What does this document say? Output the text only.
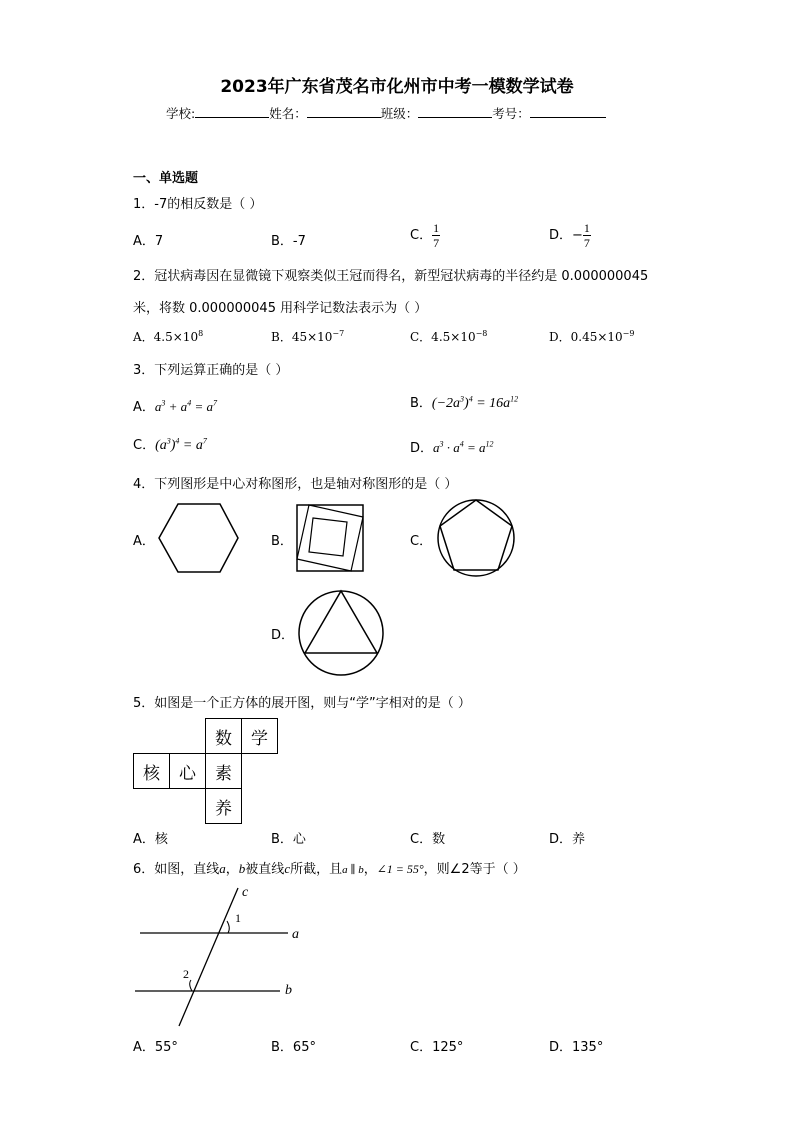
2023年广东省茂名市化州市中考一模数学试卷
学校:	姓名：	班级：	考号：
一、单选题
1．-7的相反数是（ ）
A．7	B．-7	C． $\frac{1}{7}$	D．− $\frac{1}{7}$
2．冠状病毒因在显微镜下观察类似王冠而得名，新型冠状病毒的半径约是 0.000000045
米，将数 0.000000045 用科学记数法表示为（ ）
A．$4.5\times 10^8$	B．$45\times 10^{-7}$	C．$4.5\times 10^{-8}$	D．$0.45\times 10^{-9}$
3．下列运算正确的是（ ）
A．$a^3 + a^4 = a^7$	B．$(-2a^3)^4 = 16a^{12}$
C．$(a^3)^4 = a^7$
D．$a^3 \cdot a^4 = a^{12}$
4．下列图形是中心对称图形，也是轴对称图形的是（ ）
A．	B．	C．
D．
5．如图是一个正方体的展开图，则与“学”字相对的是（ ）
		数	学
核	心	素	
		养	
A．核	B．心	C．数	D．养
6．如图，直线a，b被直线c所截，且a ∥ b，∠1 = 55°，则∠2等于（ ）
c
a
b
1
2
A．55°	B．65°	C．125°	D．135°
